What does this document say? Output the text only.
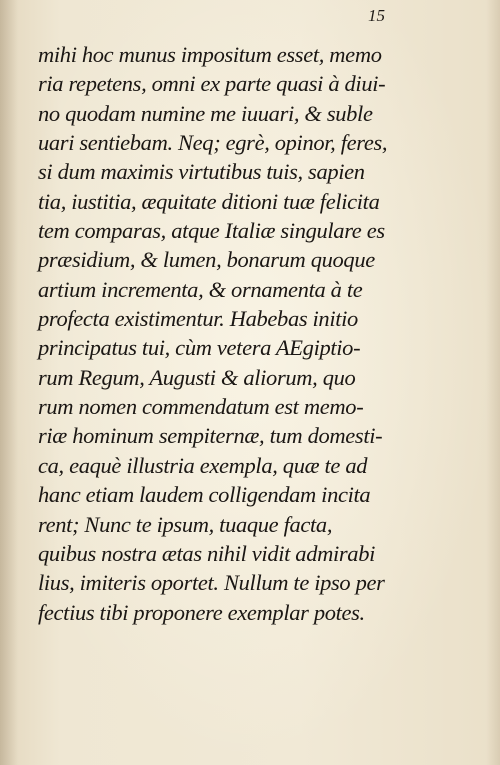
15
mihi hoc munus impositum esset, memo
ria repetens, omni ex parte quasi à diui-
no quodam numine me iuuari, & suble
uari sentiebam. Neq; egrè, opinor, feres,
si dum maximis virtutibus tuis, sapien
tia, iustitia, æquitate ditioni tuæ felicita
tem comparas, atque Italiæ singulare es
præsidium, & lumen, bonarum quoque
artium incrementa, & ornamenta à te
profecta existimentur. Habebas initio
principatus tui, cùm vetera AEgiptio-
rum Regum, Augusti & aliorum, quo
rum nomen commendatum est memo-
riæ hominum sempiternæ, tum domesti-
ca, eaquè illustria exempla, quæ te ad
hanc etiam laudem colligendam incita
rent; Nunc te ipsum, tuaque facta,
quibus nostra ætas nihil vidit admirabi
lius, imiteris oportet. Nullum te ipso per
fectius tibi proponere exemplar potes.
